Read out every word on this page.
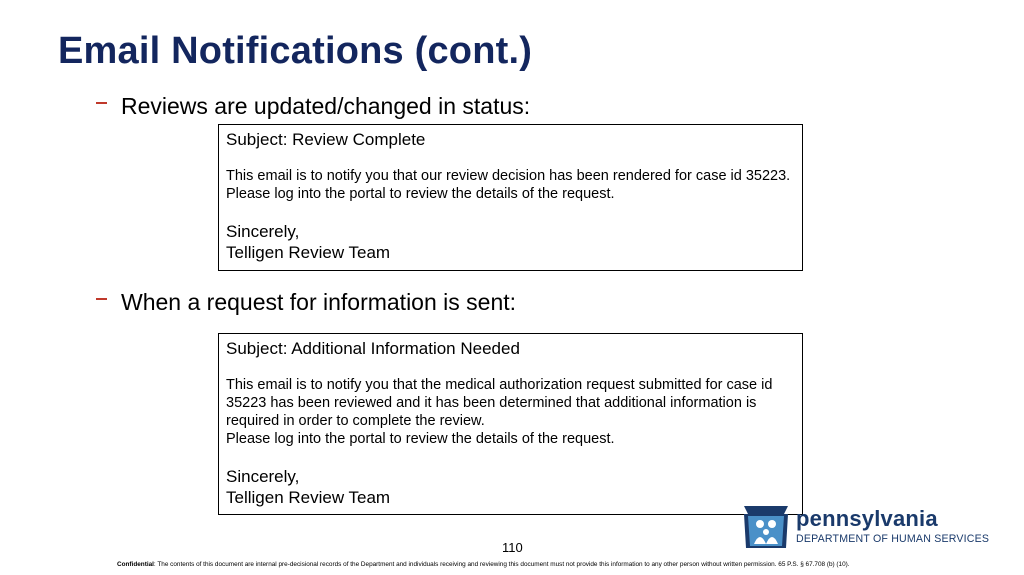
Email Notifications (cont.)
Reviews are updated/changed in status:
Subject: Review Complete
This email is to notify you that our review decision has been rendered for case id 35223. Please log into the portal to review the details of the request.
Sincerely,
Telligen Review Team
When a request for information is sent:
Subject: Additional Information Needed
This email is to notify you that the medical authorization request submitted for case id 35223 has been reviewed and it has been determined that additional information is required in order to complete the review.
Please log into the portal to review the details of the request.
Sincerely,
Telligen Review Team
110
Confidential: The contents of this document are internal pre-decisional records of the Department and individuals receiving and reviewing this document must not provide this information to any other person without written permission. 65 P.S. § 67.708 (b) (10).
pennsylvania
DEPARTMENT OF HUMAN SERVICES
